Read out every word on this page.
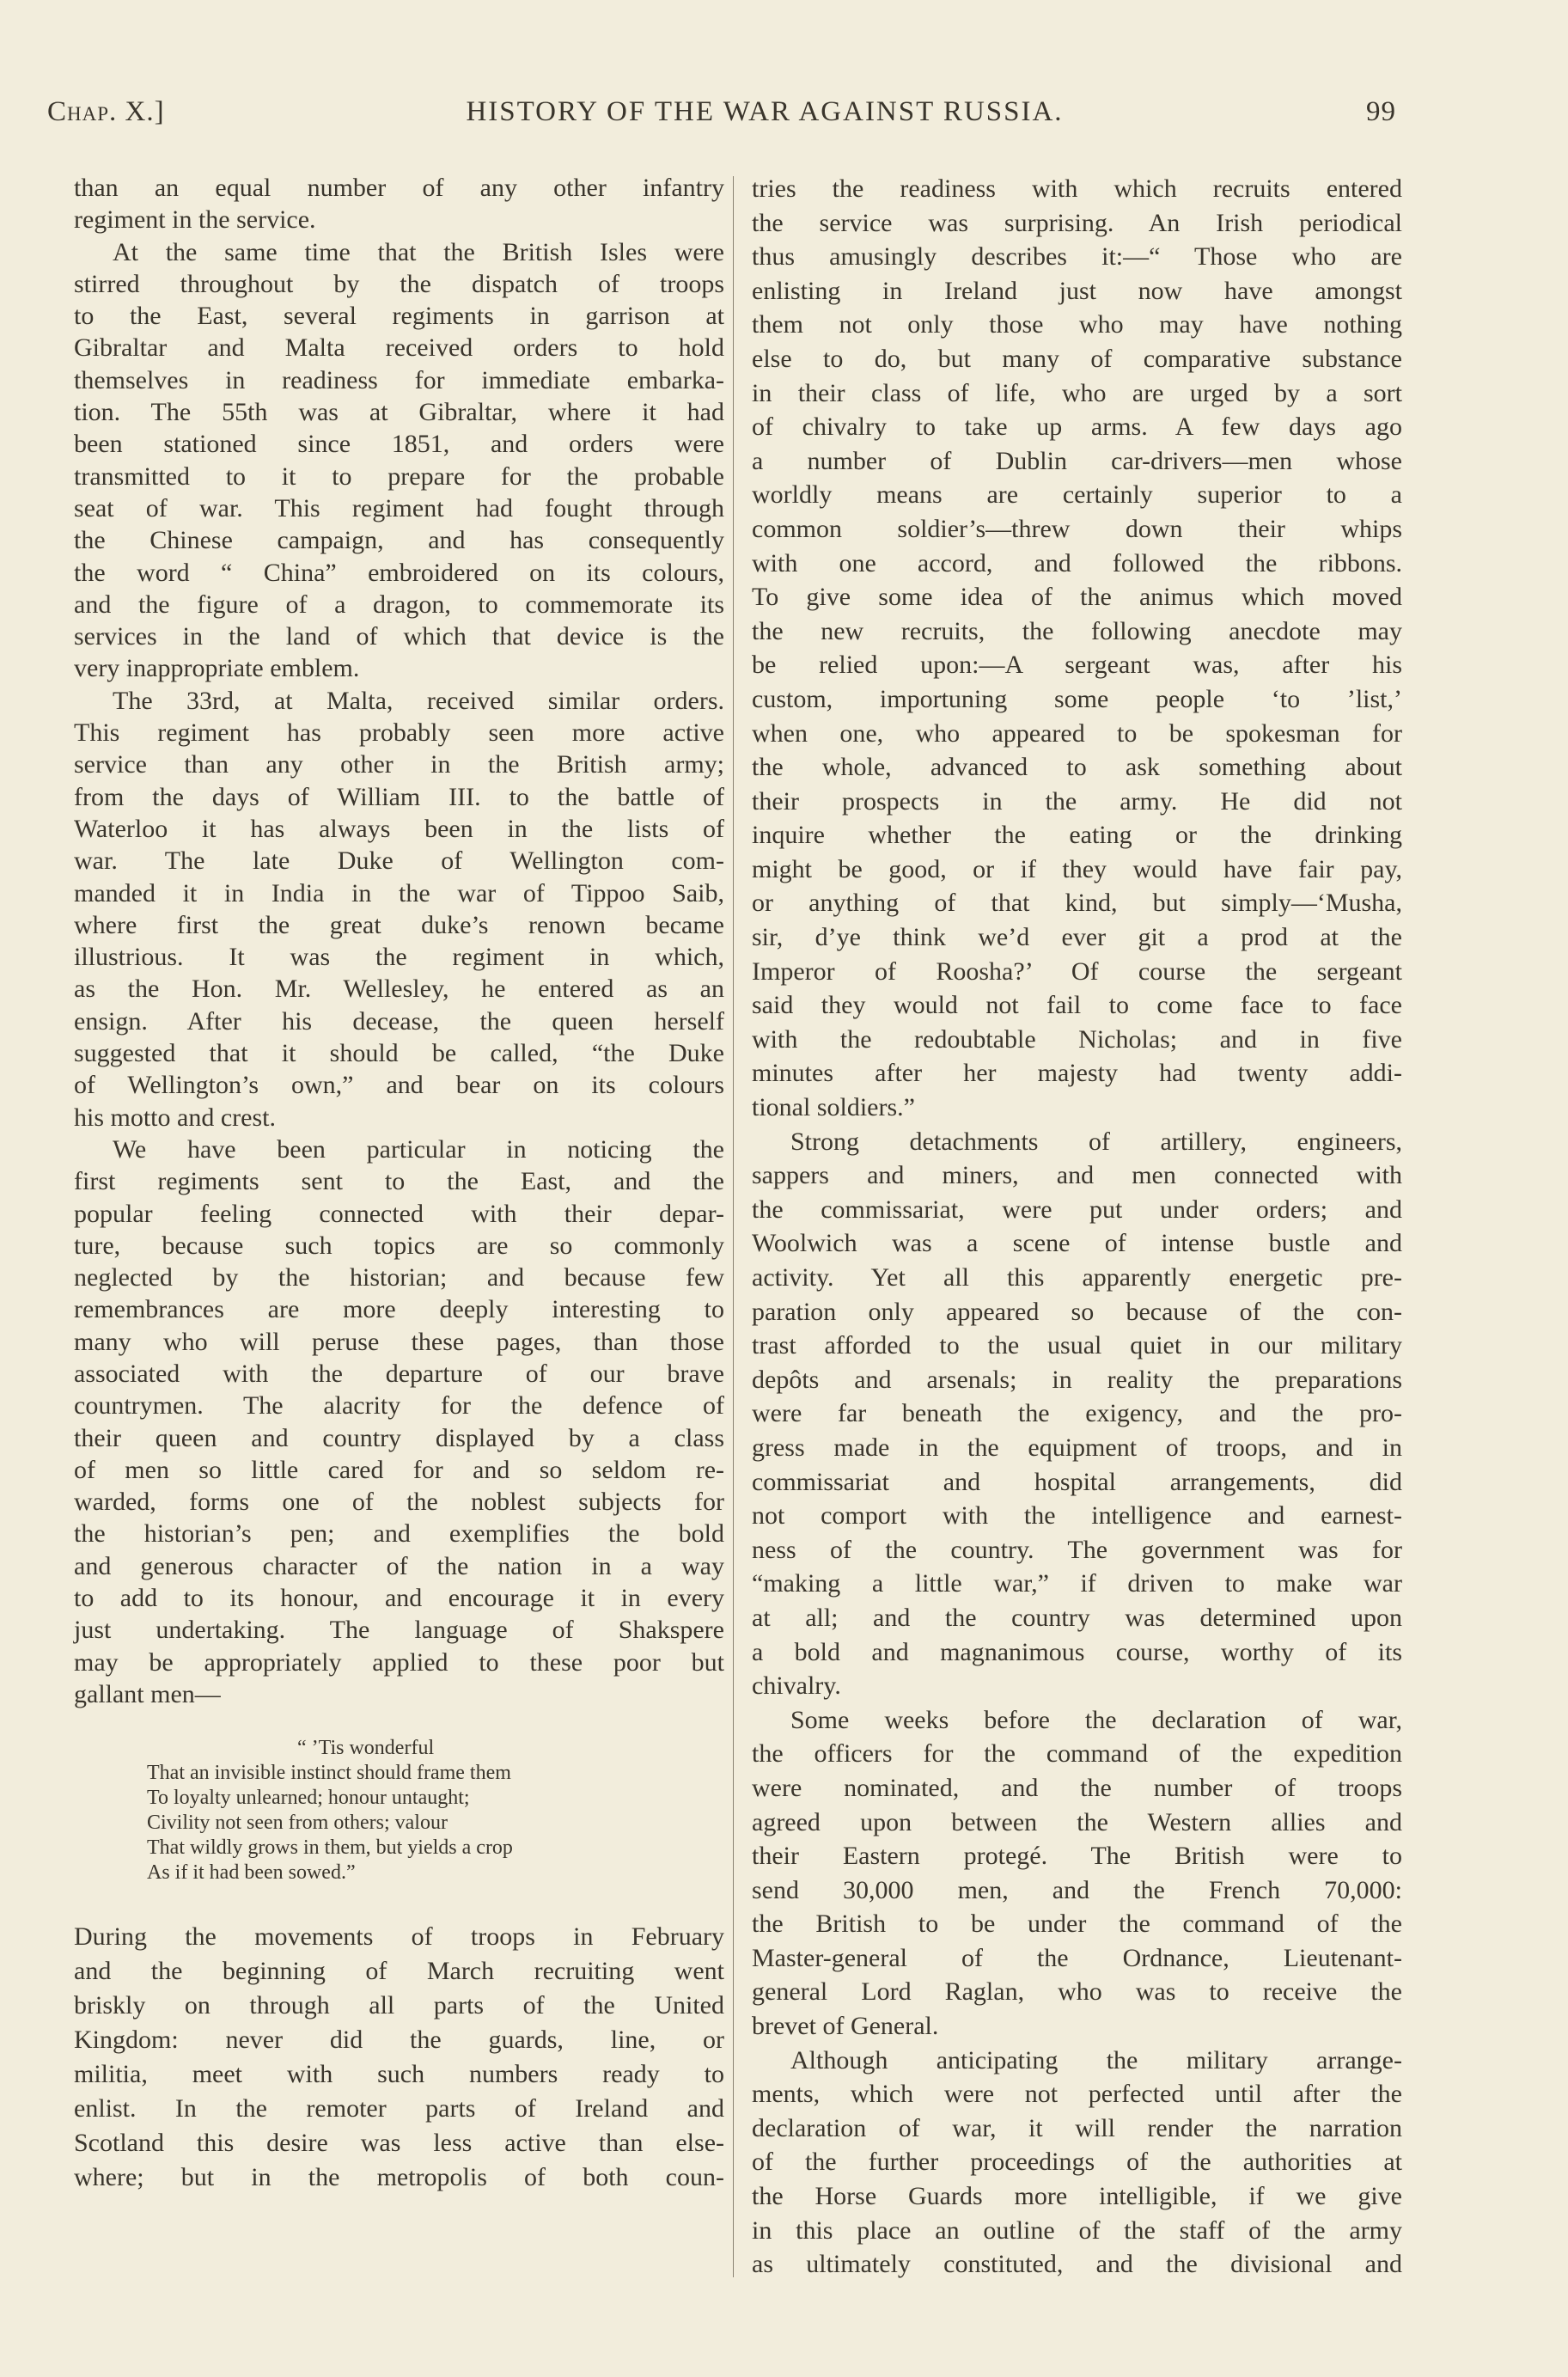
Chap. X.]	HISTORY OF THE WAR AGAINST RUSSIA.	99
than an equal number of any other infantry
regiment in the service.
At the same time that the British Isles were
stirred throughout by the dispatch of troops
to the East, several regiments in garrison at
Gibraltar and Malta received orders to hold
themselves in readiness for immediate embarka-
tion. The 55th was at Gibraltar, where it had
been stationed since 1851, and orders were
transmitted to it to prepare for the probable
seat of war. This regiment had fought through
the Chinese campaign, and has consequently
the word “ China” embroidered on its colours,
and the figure of a dragon, to commemorate its
services in the land of which that device is the
very inappropriate emblem.
The 33rd, at Malta, received similar orders.
This regiment has probably seen more active
service than any other in the British army;
from the days of William III. to the battle of
Waterloo it has always been in the lists of
war. The late Duke of Wellington com-
manded it in India in the war of Tippoo Saib,
where first the great duke’s renown became
illustrious. It was the regiment in which,
as the Hon. Mr. Wellesley, he entered as an
ensign. After his decease, the queen herself
suggested that it should be called, “the Duke
of Wellington’s own,” and bear on its colours
his motto and crest.
We have been particular in noticing the
first regiments sent to the East, and the
popular feeling connected with their depar-
ture, because such topics are so commonly
neglected by the historian; and because few
remembrances are more deeply interesting to
many who will peruse these pages, than those
associated with the departure of our brave
countrymen. The alacrity for the defence of
their queen and country displayed by a class
of men so little cared for and so seldom re-
warded, forms one of the noblest subjects for
the historian’s pen; and exemplifies the bold
and generous character of the nation in a way
to add to its honour, and encourage it in every
just undertaking. The language of Shakspere
may be appropriately applied to these poor but
gallant men—
“ ’Tis wonderful
That an invisible instinct should frame them
To loyalty unlearned; honour untaught;
Civility not seen from others; valour
That wildly grows in them, but yields a crop
As if it had been sowed.”
During the movements of troops in February
and the beginning of March recruiting went
briskly on through all parts of the United
Kingdom: never did the guards, line, or
militia, meet with such numbers ready to
enlist. In the remoter parts of Ireland and
Scotland this desire was less active than else-
where; but in the metropolis of both coun-
tries the readiness with which recruits entered
the service was surprising. An Irish periodical
thus amusingly describes it:—“ Those who are
enlisting in Ireland just now have amongst
them not only those who may have nothing
else to do, but many of comparative substance
in their class of life, who are urged by a sort
of chivalry to take up arms. A few days ago
a number of Dublin car-drivers—men whose
worldly means are certainly superior to a
common soldier’s—threw down their whips
with one accord, and followed the ribbons.
To give some idea of the animus which moved
the new recruits, the following anecdote may
be relied upon:—A sergeant was, after his
custom, importuning some people ‘to ’list,’
when one, who appeared to be spokesman for
the whole, advanced to ask something about
their prospects in the army. He did not
inquire whether the eating or the drinking
might be good, or if they would have fair pay,
or anything of that kind, but simply—‘Musha,
sir, d’ye think we’d ever git a prod at the
Imperor of Roosha?’ Of course the sergeant
said they would not fail to come face to face
with the redoubtable Nicholas; and in five
minutes after her majesty had twenty addi-
tional soldiers.”
Strong detachments of artillery, engineers,
sappers and miners, and men connected with
the commissariat, were put under orders; and
Woolwich was a scene of intense bustle and
activity. Yet all this apparently energetic pre-
paration only appeared so because of the con-
trast afforded to the usual quiet in our military
depôts and arsenals; in reality the preparations
were far beneath the exigency, and the pro-
gress made in the equipment of troops, and in
commissariat and hospital arrangements, did
not comport with the intelligence and earnest-
ness of the country. The government was for
“making a little war,” if driven to make war
at all; and the country was determined upon
a bold and magnanimous course, worthy of its
chivalry.
Some weeks before the declaration of war,
the officers for the command of the expedition
were nominated, and the number of troops
agreed upon between the Western allies and
their Eastern protegé. The British were to
send 30,000 men, and the French 70,000:
the British to be under the command of the
Master-general of the Ordnance, Lieutenant-
general Lord Raglan, who was to receive the
brevet of General.
Although anticipating the military arrange-
ments, which were not perfected until after the
declaration of war, it will render the narration
of the further proceedings of the authorities at
the Horse Guards more intelligible, if we give
in this place an outline of the staff of the army
as ultimately constituted, and the divisional and
